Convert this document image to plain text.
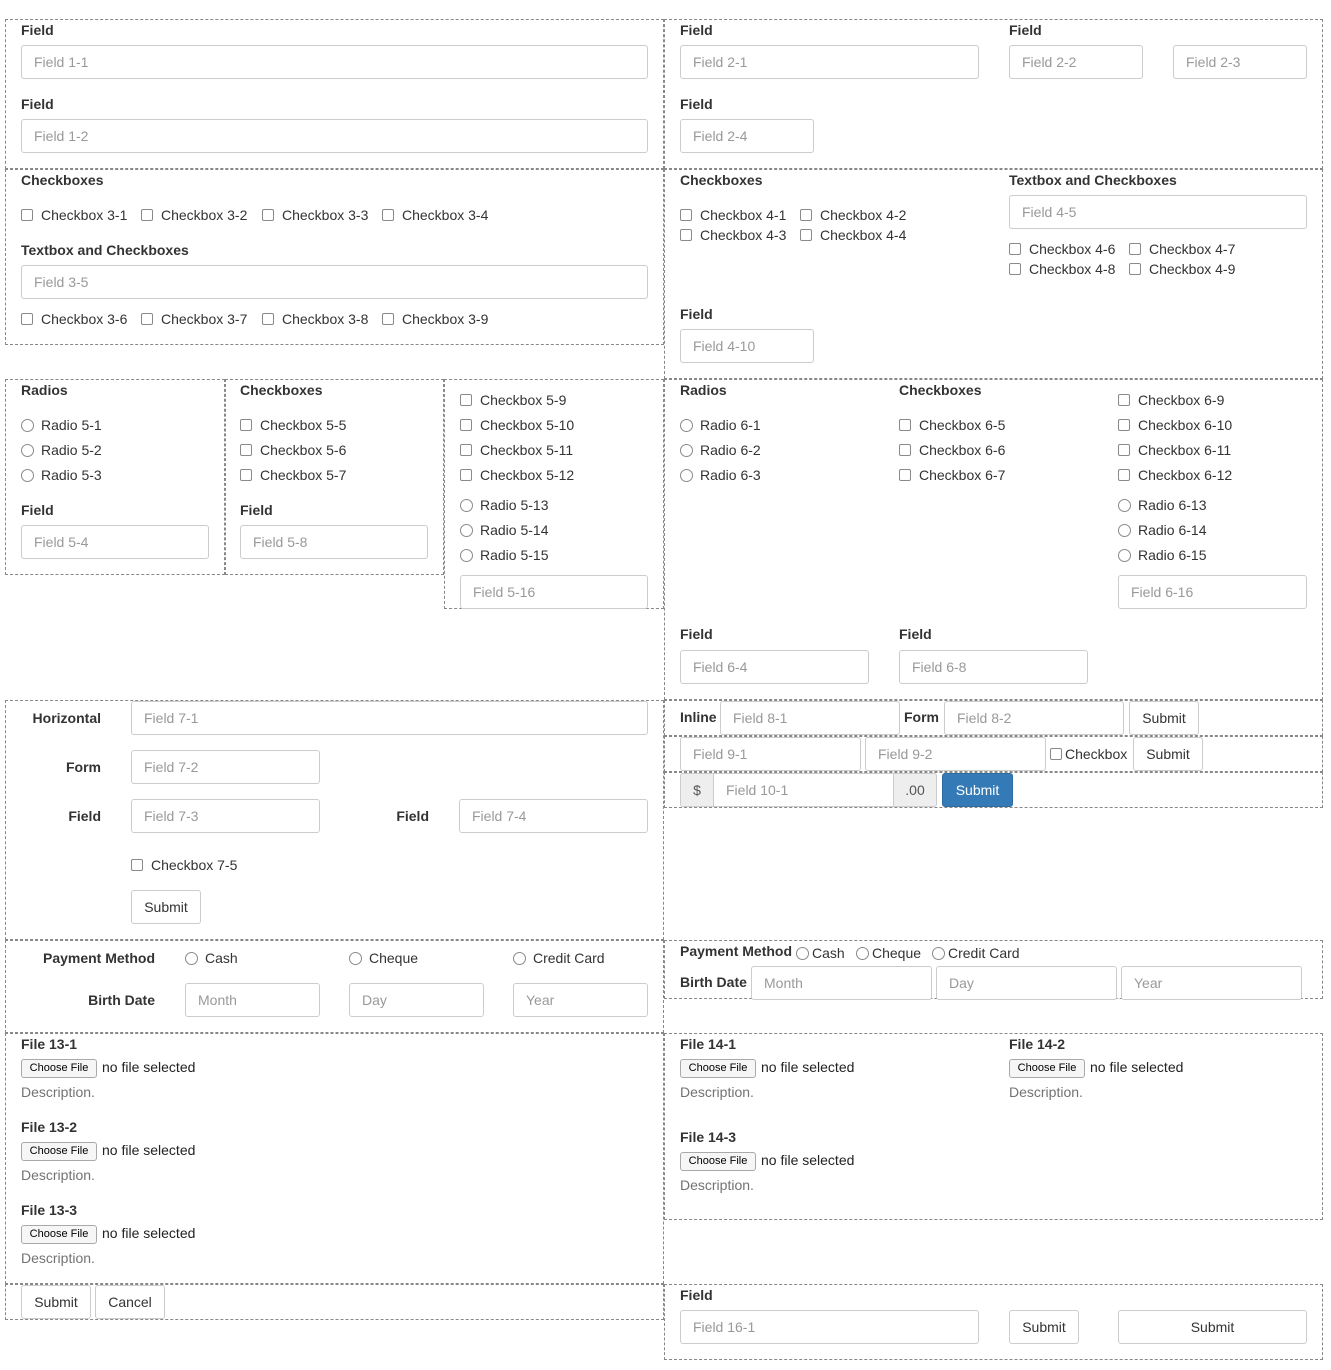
Field
Field 1-1
Field
Field 1-2
Field
Field 2-1
Field
Field 2-2	Field 2-3
Field
Field 2-4
Checkboxes
Checkbox 3-1	Checkbox 3-2	Checkbox 3-3	Checkbox 3-4
Textbox and Checkboxes
Field 3-5
Checkbox 3-6	Checkbox 3-7	Checkbox 3-8	Checkbox 3-9
Checkboxes
Checkbox 4-1	Checkbox 4-2
Checkbox 4-3	Checkbox 4-4
Textbox and Checkboxes
Field 4-5
Checkbox 4-6	Checkbox 4-7
Checkbox 4-8	Checkbox 4-9
Field
Field 4-10
Radios
Radio 5-1
Radio 5-2
Radio 5-3
Field
Field 5-4
Checkboxes
Checkbox 5-5
Checkbox 5-6
Checkbox 5-7
Field
Field 5-8
Checkbox 5-9
Checkbox 5-10
Checkbox 5-11
Checkbox 5-12
Radio 5-13
Radio 5-14
Radio 5-15
Field 5-16
Radios
Radio 6-1
Radio 6-2
Radio 6-3
Checkboxes
Checkbox 6-5
Checkbox 6-6
Checkbox 6-7
Checkbox 6-9
Checkbox 6-10
Checkbox 6-11
Checkbox 6-12
Radio 6-13
Radio 6-14
Radio 6-15
Field 6-16
Field
Field 6-4
Field
Field 6-8
Horizontal	Field 7-1
Form	Field 7-2
Field	Field 7-3	Field	Field 7-4
Checkbox 7-5
Submit
Inline	Field 8-1	Form	Field 8-2	Submit
Field 9-1	Field 9-2	Checkbox	Submit
$	Field 10-1	.00	Submit
Payment Method	Cash	Cheque	Credit Card
Birth Date	Month	Day	Year
Payment Method	Cash	Cheque	Credit Card
Birth Date	Month	Day	Year
File 13-1
Choose File no file selected
Description.
File 13-2
Choose File no file selected
Description.
File 13-3
Choose File no file selected
Description.
File 14-1
Choose File no file selected
Description.
File 14-2
Choose File no file selected
Description.
File 14-3
Choose File no file selected
Description.
Submit	Cancel	Field
Field 16-1	Submit	Submit
